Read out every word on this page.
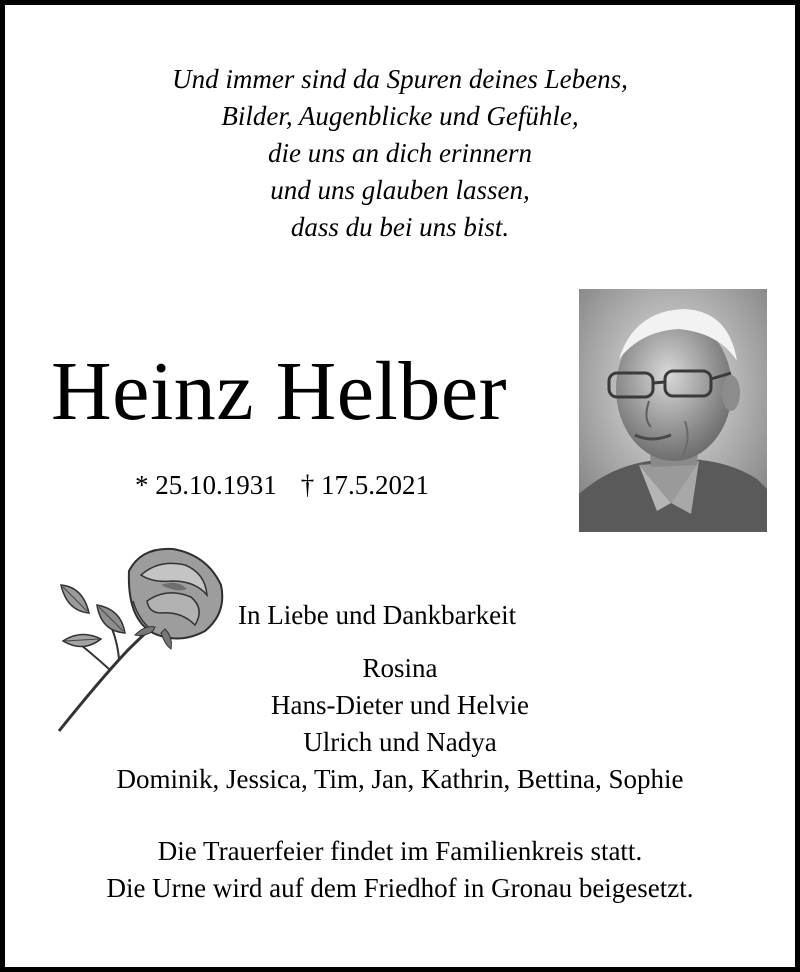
Und immer sind da Spuren deines Lebens,
Bilder, Augenblicke und Gefühle,
die uns an dich erinnern
und uns glauben lassen,
dass du bei uns bist.
Heinz Helber
* 25.10.1931 † 17.5.2021
In Liebe und Dankbarkeit
Rosina
Hans-Dieter und Helvie
Ulrich und Nadya
Dominik, Jessica, Tim, Jan, Kathrin, Bettina, Sophie
Die Trauerfeier findet im Familienkreis statt.
Die Urne wird auf dem Friedhof in Gronau beigesetzt.
